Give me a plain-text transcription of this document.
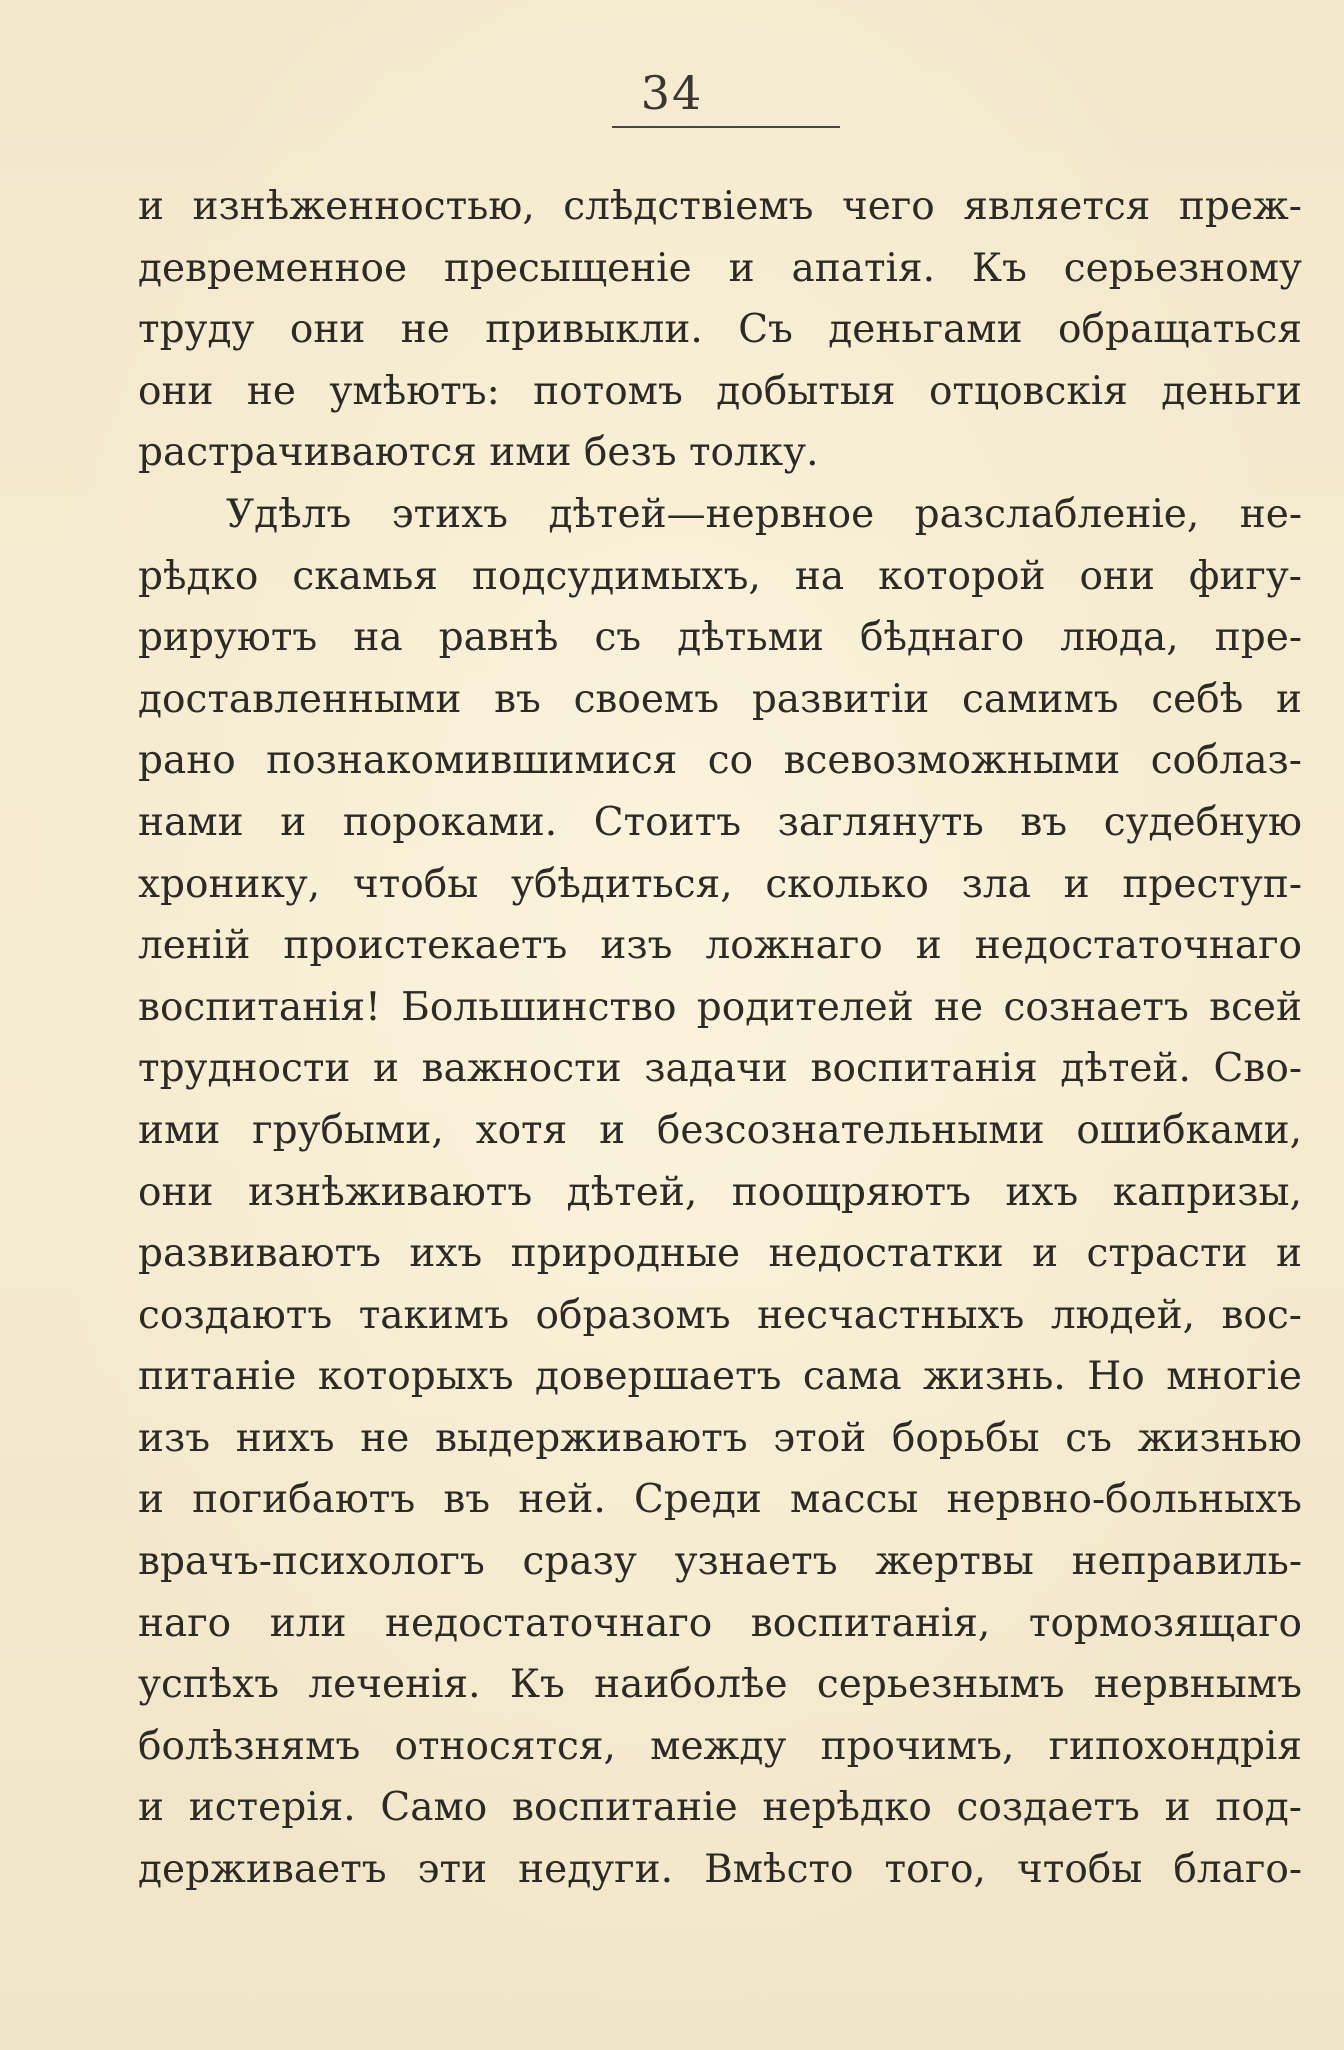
34
и изнѣженностью, слѣдствіемъ чего является преж-
девременное пресыщеніе и апатія. Къ серьезному
труду они не привыкли. Съ деньгами обращаться
они не умѣютъ: потомъ добытыя отцовскія деньги
растрачиваются ими безъ толку.
Удѣлъ этихъ дѣтей—нервное разслабленіе, не-
рѣдко скамья подсудимыхъ, на которой они фигу-
рируютъ на равнѣ съ дѣтьми бѣднаго люда, пре-
доставленными въ своемъ развитіи самимъ себѣ и
рано познакомившимися со всевозможными соблаз-
нами и пороками. Стоитъ заглянуть въ судебную
хронику, чтобы убѣдиться, сколько зла и преступ-
леній проистекаетъ изъ ложнаго и недостаточнаго
воспитанія! Большинство родителей не сознаетъ всей
трудности и важности задачи воспитанія дѣтей. Сво-
ими грубыми, хотя и безсознательными ошибками,
они изнѣживаютъ дѣтей, поощряютъ ихъ капризы,
развиваютъ ихъ природные недостатки и страсти и
создаютъ такимъ образомъ несчастныхъ людей, вос-
питаніе которыхъ довершаетъ сама жизнь. Но многіе
изъ нихъ не выдерживаютъ этой борьбы съ жизнью
и погибаютъ въ ней. Среди массы нервно-больныхъ
врачъ-психологъ сразу узнаетъ жертвы неправиль-
наго или недостаточнаго воспитанія, тормозящаго
успѣхъ леченія. Къ наиболѣе серьезнымъ нервнымъ
болѣзнямъ относятся, между прочимъ, гипохондрія
и истерія. Само воспитаніе нерѣдко создаетъ и под-
держиваетъ эти недуги. Вмѣсто того, чтобы благо-
